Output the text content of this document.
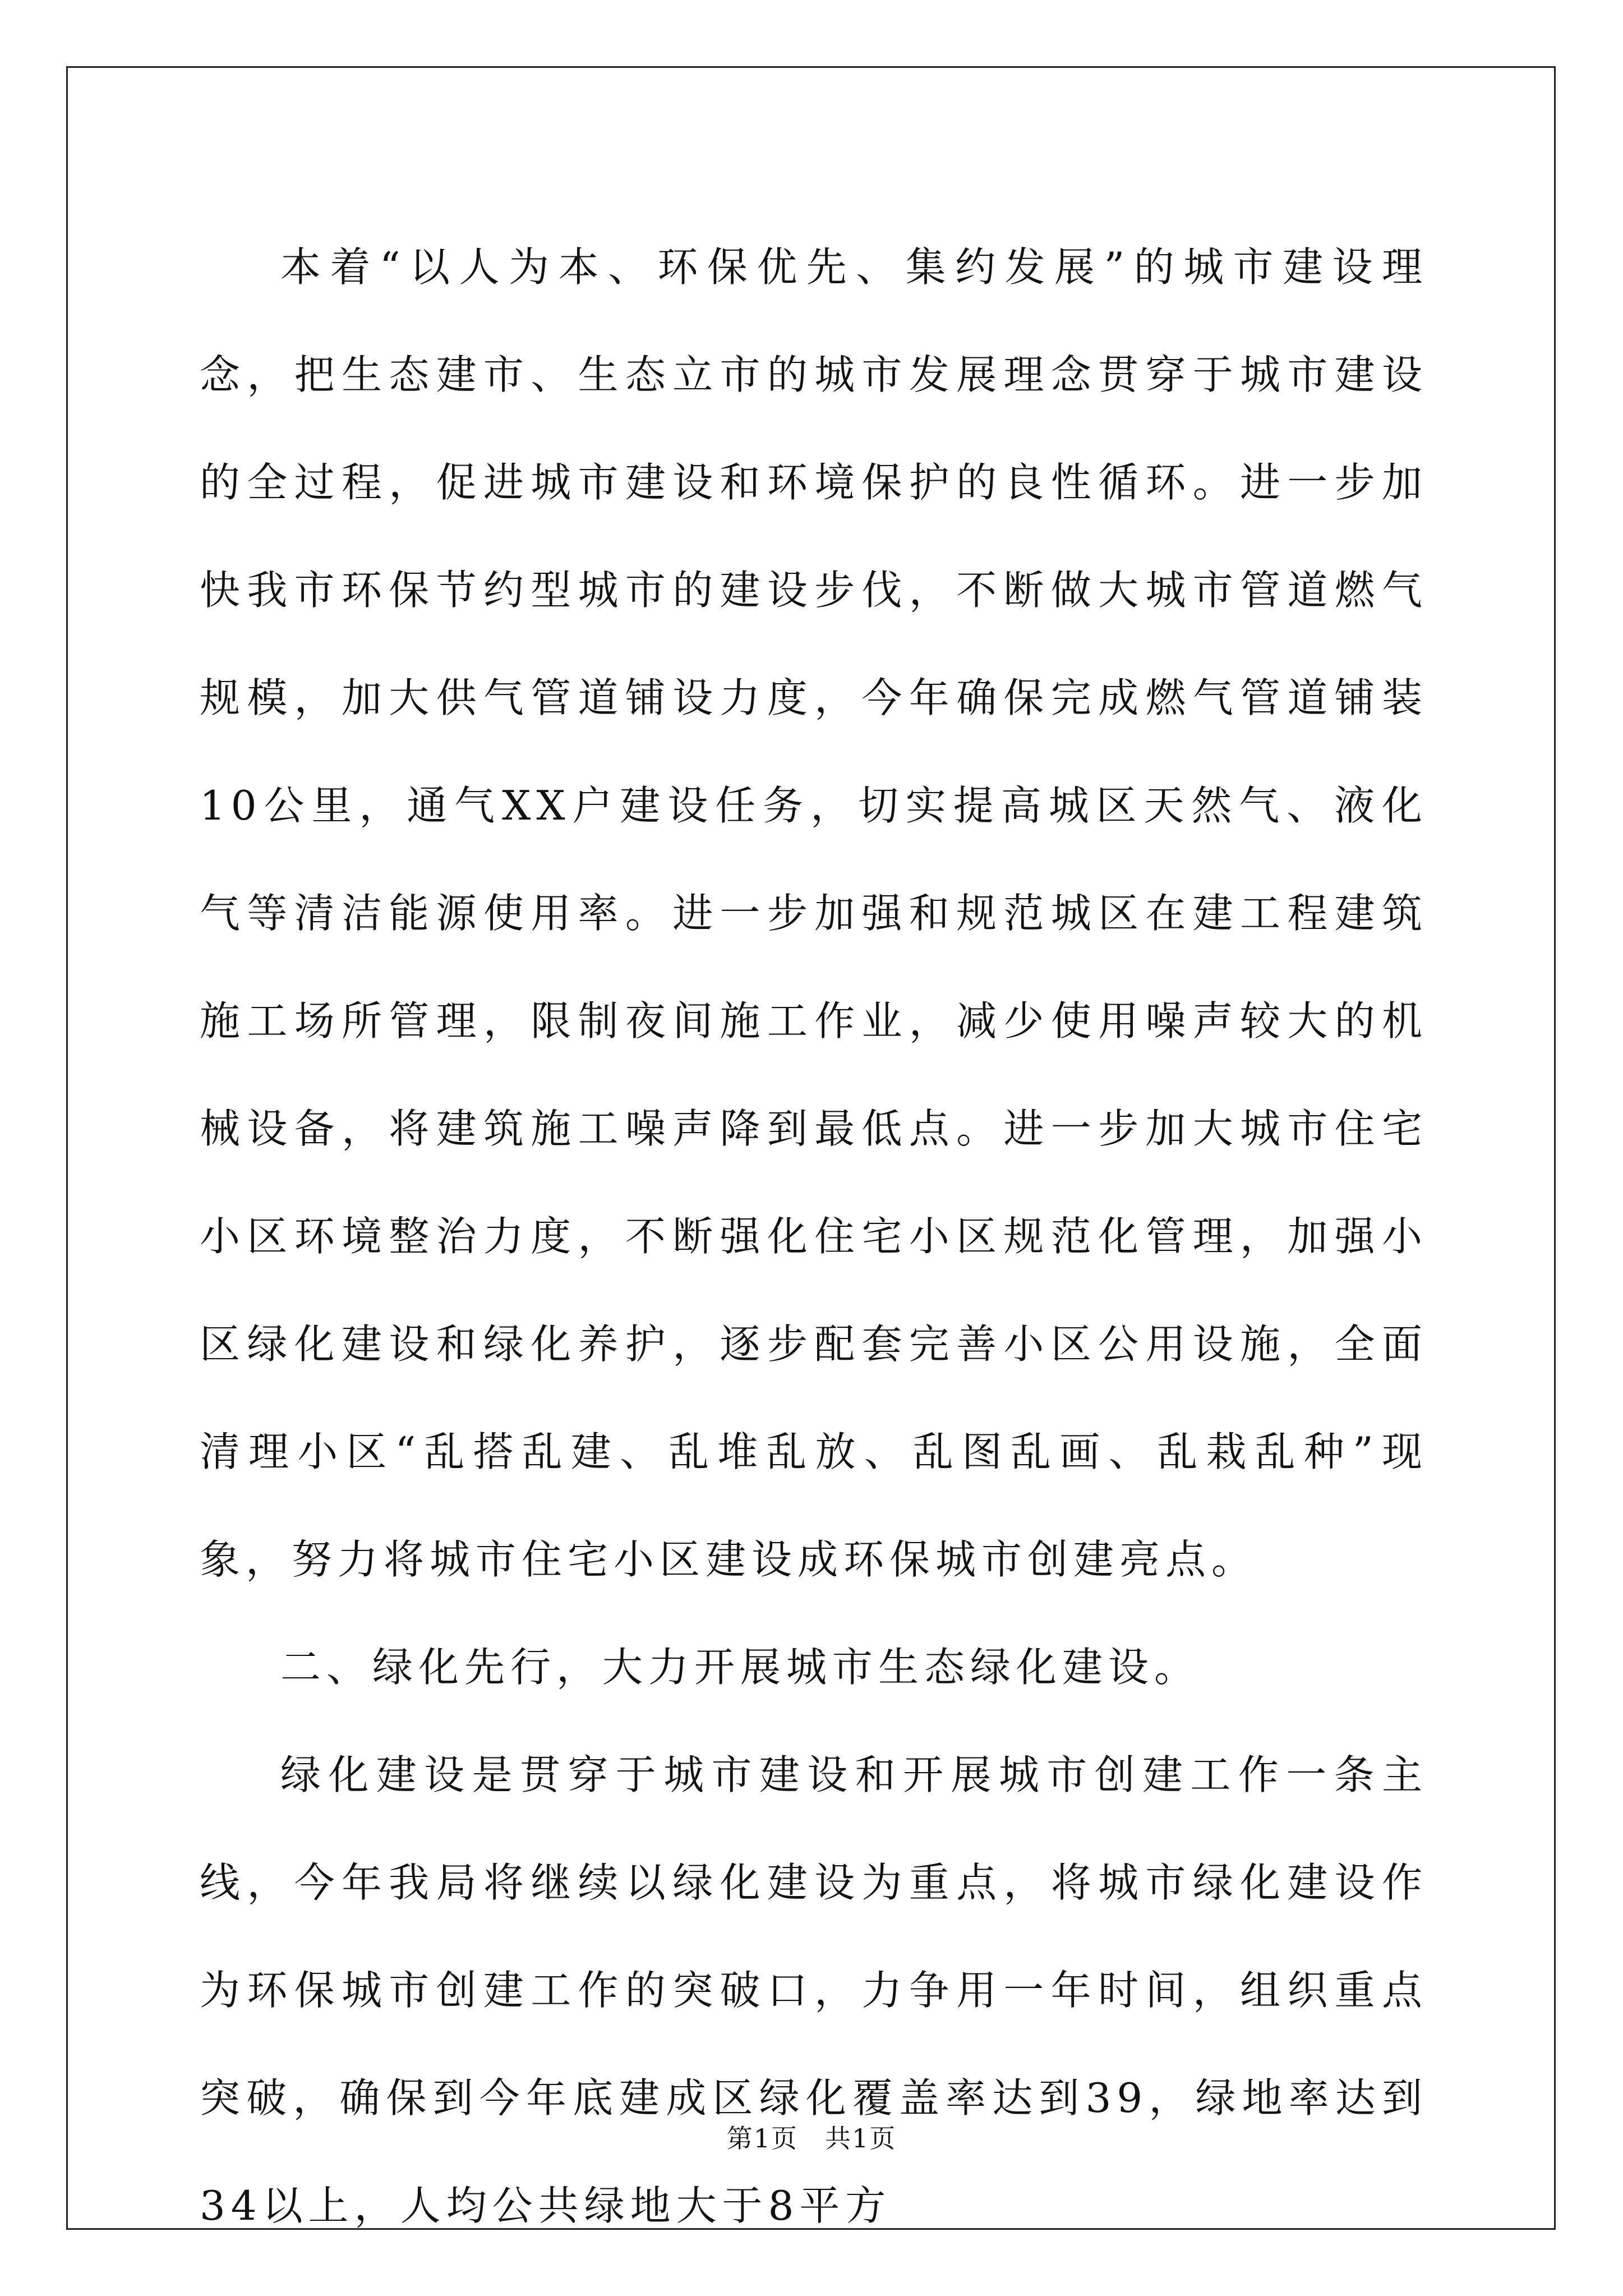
本着“以人为本、环保优先、集约发展”的城市建设理念，把生态建市、生态立市的城市发展理念贯穿于城市建设的全过程，促进城市建设和环境保护的良性循环。进一步加快我市环保节约型城市的建设步伐，不断做大城市管道燃气规模，加大供气管道铺设力度，今年确保完成燃气管道铺装10公里，通气XX户建设任务，切实提高城区天然气、液化气等清洁能源使用率。进一步加强和规范城区在建工程建筑施工场所管理，限制夜间施工作业，减少使用噪声较大的机械设备，将建筑施工噪声降到最低点。进一步加大城市住宅小区环境整治力度，不断强化住宅小区规范化管理，加强小区绿化建设和绿化养护，逐步配套完善小区公用设施，全面清理小区“乱搭乱建、乱堆乱放、乱图乱画、乱栽乱种”现象，努力将城市住宅小区建设成环保城市创建亮点。

二、绿化先行，大力开展城市生态绿化建设。

绿化建设是贯穿于城市建设和开展城市创建工作一条主线，今年我局将继续以绿化建设为重点，将城市绿化建设作为环保城市创建工作的突破口，力争用一年时间，组织重点突破，确保到今年底建成区绿化覆盖率达到39，绿地率达到34以上，人均公共绿地大于8平方

第1页　共1页
